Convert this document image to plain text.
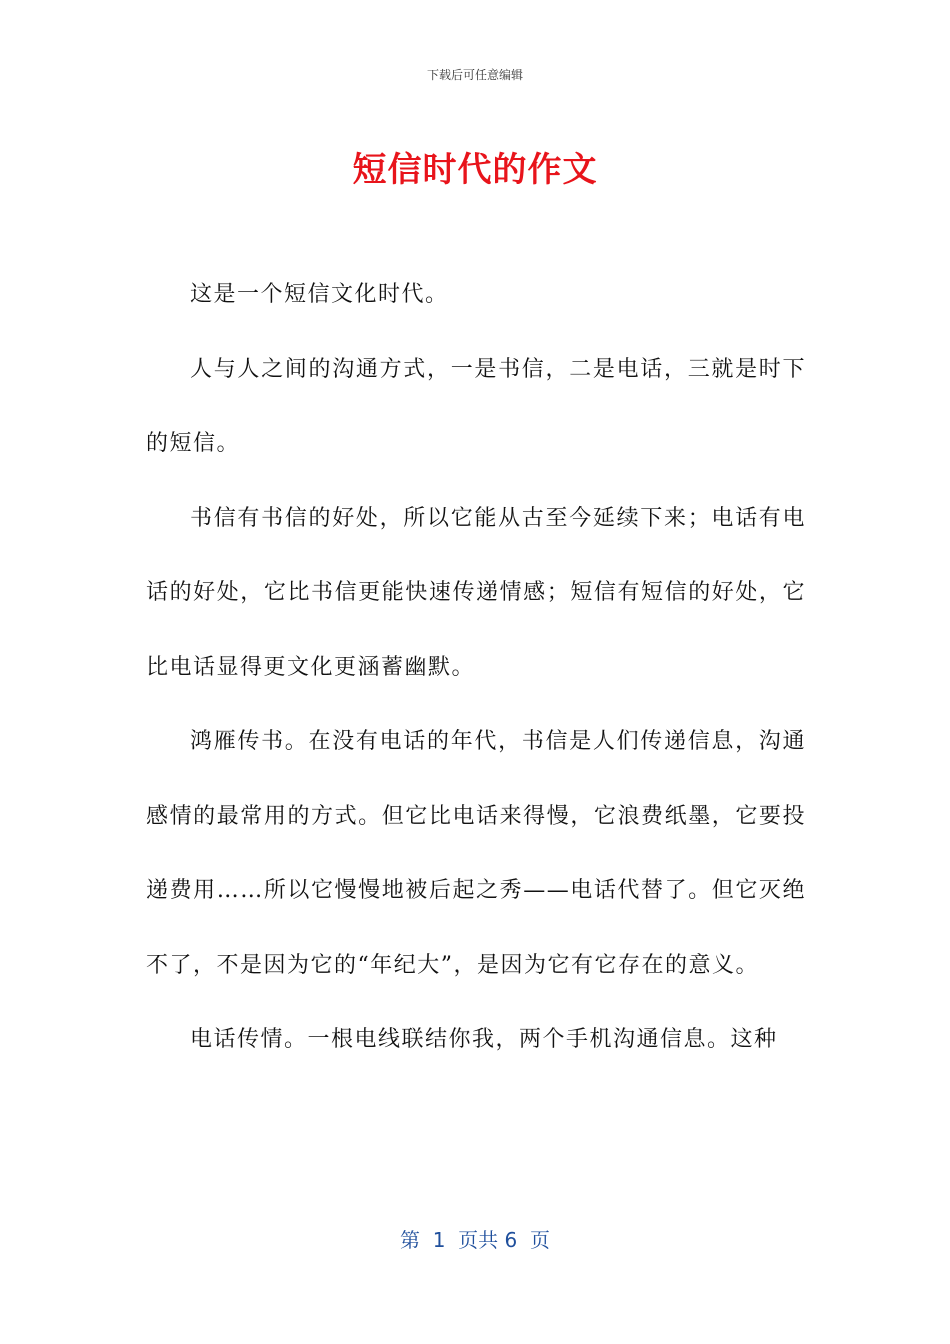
下载后可任意编辑
短信时代的作文

这是一个短信文化时代。

人与人之间的沟通方式，一是书信，二是电话，三就是时下的短信。

书信有书信的好处，所以它能从古至今延续下来；电话有电话的好处，它比书信更能快速传递情感；短信有短信的好处，它比电话显得更文化更涵蓄幽默。

鸿雁传书。在没有电话的年代，书信是人们传递信息，沟通感情的最常用的方式。但它比电话来得慢，它浪费纸墨，它要投递费用……所以它慢慢地被后起之秀——电话代替了。但它灭绝不了，不是因为它的“年纪大”，是因为它有它存在的意义。

电话传情。一根电线联结你我，两个手机沟通信息。这种

第  1  页共 6  页
